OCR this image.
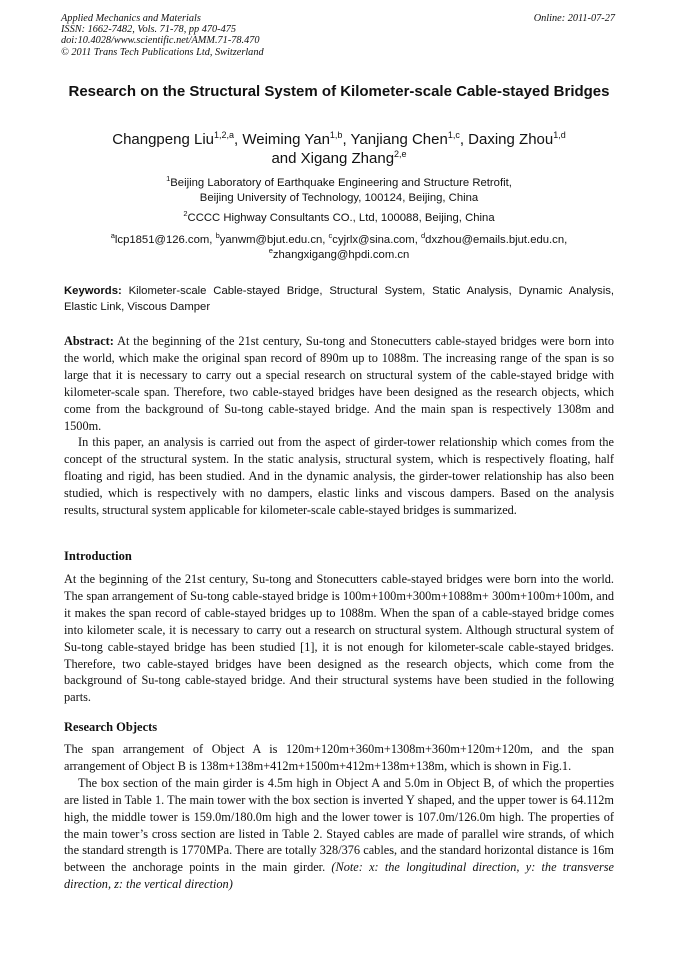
Applied Mechanics and Materials
ISSN: 1662-7482, Vols. 71-78, pp 470-475
doi:10.4028/www.scientific.net/AMM.71-78.470
© 2011 Trans Tech Publications Ltd, Switzerland
Online: 2011-07-27
Research on the Structural System of Kilometer-scale Cable-stayed Bridges
Changpeng Liu$^{1,2,a}$, Weiming Yan$^{1,b}$, Yanjiang Chen$^{1,c}$, Daxing Zhou$^{1,d}$
and Xigang Zhang$^{2,e}$
$^1$Beijing Laboratory of Earthquake Engineering and Structure Retrofit,
Beijing University of Technology, 100124, Beijing, China
$^2$CCCC Highway Consultants CO., Ltd, 100088, Beijing, China
$^a$lcp1851@126.com, $^b$yanwm@bjut.edu.cn, $^c$cyjrlx@sina.com, $^d$dxzhou@emails.bjut.edu.cn,
$^e$zhangxigang@hpdi.com.cn
Keywords: Kilometer-scale Cable-stayed Bridge, Structural System, Static Analysis, Dynamic Analysis, Elastic Link, Viscous Damper

Abstract: At the beginning of the 21st century, Su-tong and Stonecutters cable-stayed bridges were born into the world, which make the original span record of 890m up to 1088m. The increasing range of the span is so large that it is necessary to carry out a special research on structural system of the cable-stayed bridge with kilometer-scale span. Therefore, two cable-stayed bridges have been designed as the research objects, which come from the background of Su-tong cable-stayed bridge. And the main span is respectively 1308m and 1500m.

In this paper, an analysis is carried out from the aspect of girder-tower relationship which comes from the concept of the structural system. In the static analysis, structural system, which is respectively floating, half floating and rigid, has been studied. And in the dynamic analysis, the girder-tower relationship has also been studied, which is respectively with no dampers, elastic links and viscous dampers. Based on the analysis results, structural system applicable for kilometer-scale cable-stayed bridges is summarized.

Introduction

At the beginning of the 21st century, Su-tong and Stonecutters cable-stayed bridges were born into the world. The span arrangement of Su-tong cable-stayed bridge is 100m+100m+300m+1088m+ 300m+100m+100m, and it makes the span record of cable-stayed bridges up to 1088m. When the span of a cable-stayed bridge comes into kilometer scale, it is necessary to carry out a research on structural system. Although structural system of Su-tong cable-stayed bridge has been studied [1], it is not enough for kilometer-scale cable-stayed bridges. Therefore, two cable-stayed bridges have been designed as the research objects, which come from the background of Su-tong cable-stayed bridge. And their structural systems have been studied in the following parts.

Research Objects

The span arrangement of Object A is 120m+120m+360m+1308m+360m+120m+120m, and the span arrangement of Object B is 138m+138m+412m+1500m+412m+138m+138m, which is shown in Fig.1.

The box section of the main girder is 4.5m high in Object A and 5.0m in Object B, of which the properties are listed in Table 1. The main tower with the box section is inverted Y shaped, and the upper tower is 64.112m high, the middle tower is 159.0m/180.0m high and the lower tower is 107.0m/126.0m high. The properties of the main tower’s cross section are listed in Table 2. Stayed cables are made of parallel wire strands, of which the standard strength is 1770MPa. There are totally 328/376 cables, and the standard horizontal distance is 16m between the anchorage points in the main girder. (Note: x: the longitudinal direction, y: the transverse direction, z: the vertical direction)
